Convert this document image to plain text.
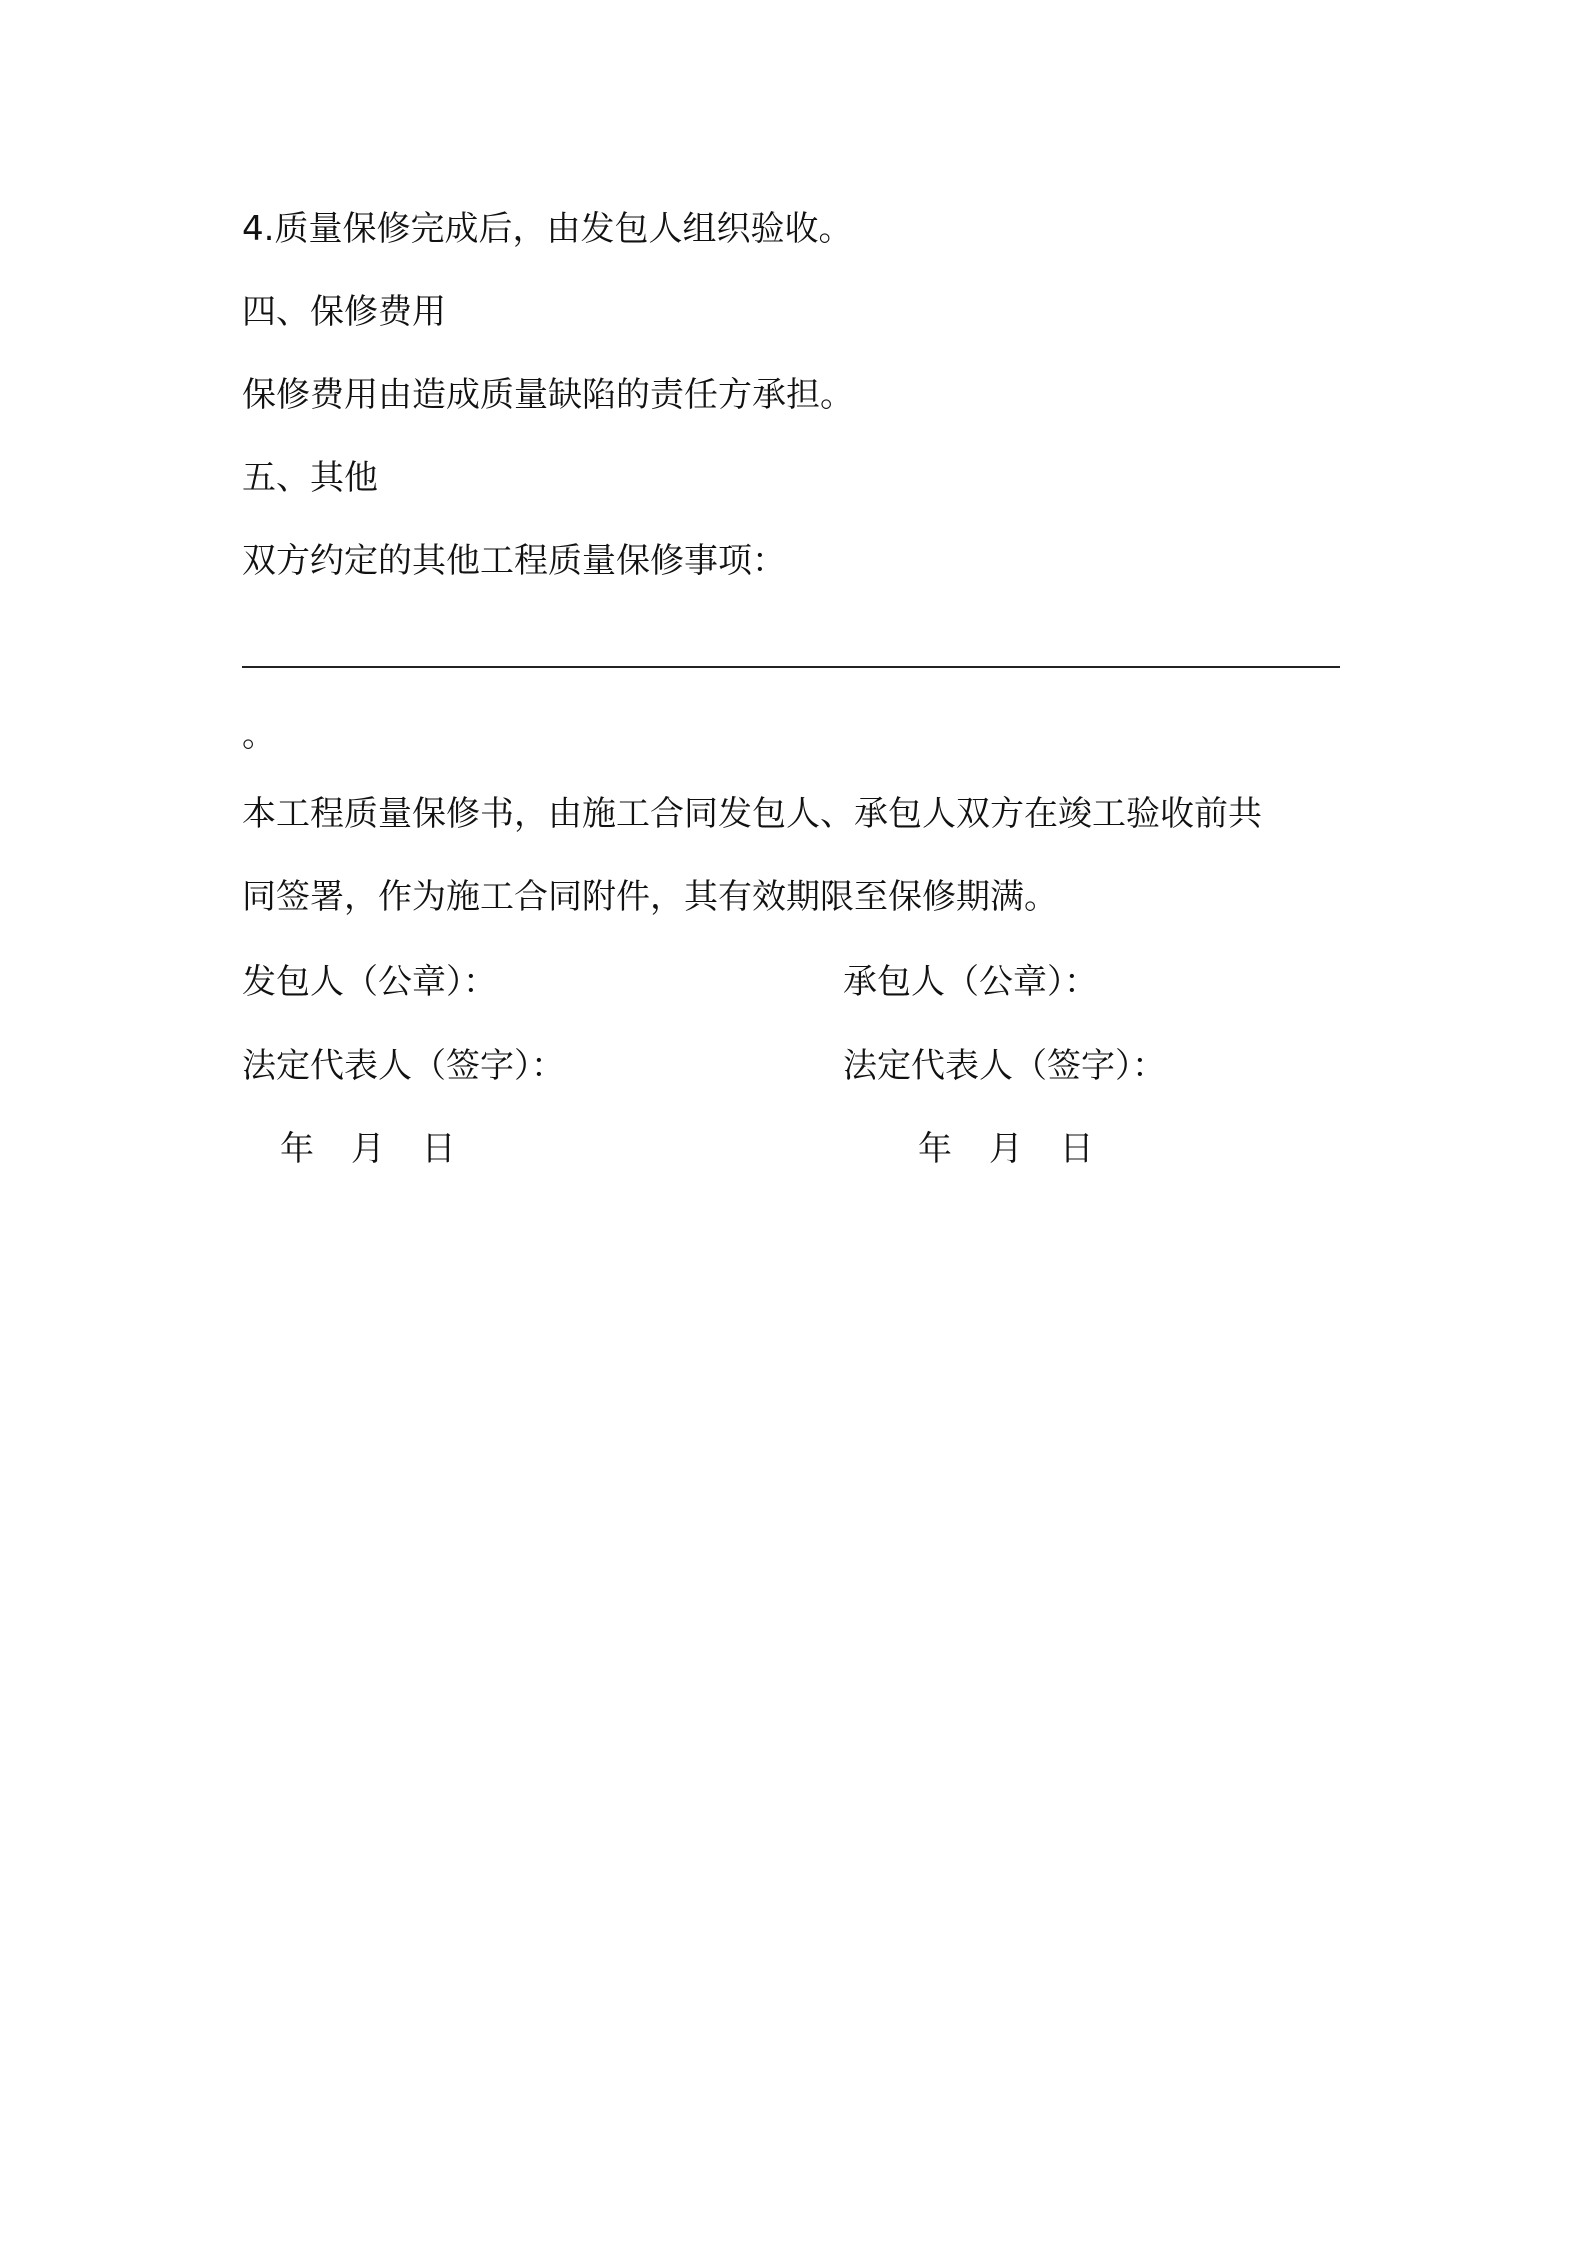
4.质量保修完成后，由发包人组织验收。
四、保修费用
保修费用由造成质量缺陷的责任方承担。
五、其他
双方约定的其他工程质量保修事项：
。
本工程质量保修书，由施工合同发包人、承包人双方在竣工验收前共
同签署，作为施工合同附件，其有效期限至保修期满。
发包人（公章）：	承包人（公章）：
法定代表人（签字）：	法定代表人（签字）：
年 月 日	年 月 日
